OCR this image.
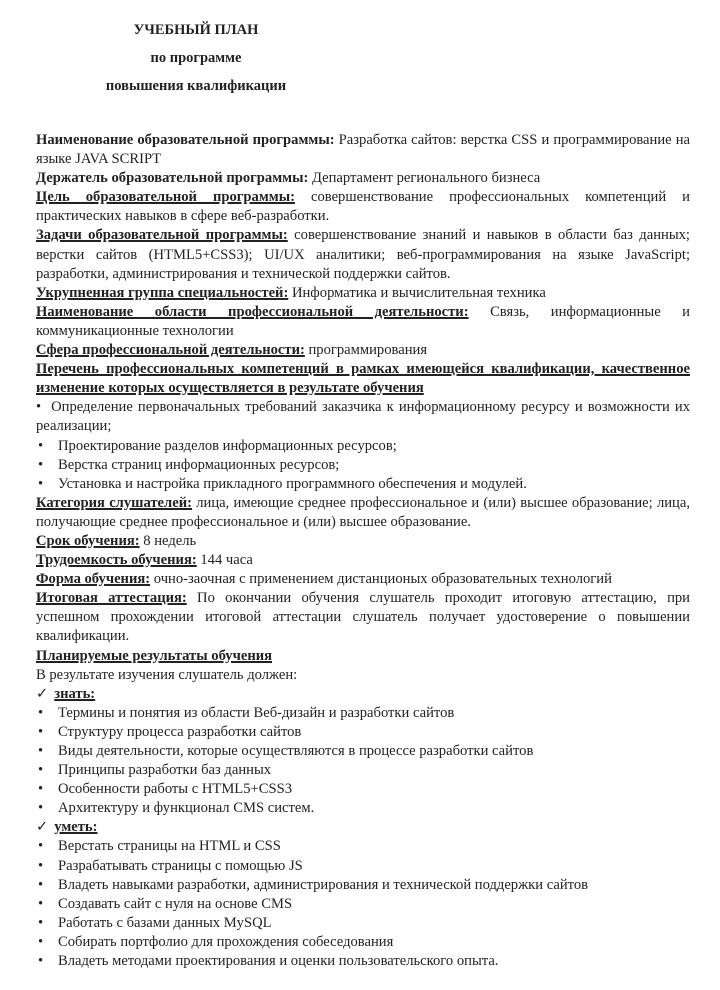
УЧЕБНЫЙ ПЛАН
по программе
повышения квалификации

Наименование образовательной программы: Разработка сайтов: верстка CSS и программирование на языке JAVA SCRIPT

Держатель образовательной программы: Департамент регионального бизнеса

Цель образовательной программы: совершенствование профессиональных компетенций и практических навыков в сфере веб-разработки.

Задачи образовательной программы: совершенствование знаний и навыков в области баз данных; верстки сайтов (HTML5+CSS3); UI/UX аналитики; веб-программирования на языке JavaScript; разработки, администрирования и технической поддержки сайтов.

Укрупненная группа специальностей: Информатика и вычислительная техника

Наименование области профессиональной деятельности: Связь, информационные и коммуникационные технологии

Сфера профессиональной деятельности: программирования

Перечень профессиональных компетенций в рамках имеющейся квалификации, качественное изменение которых осуществляется в результате обучения

• Определение первоначальных требований заказчика к информационному ресурсу и возможности их реализации;
• Проектирование разделов информационных ресурсов;
• Верстка страниц информационных ресурсов;
• Установка и настройка прикладного программного обеспечения и модулей.

Категория слушателей: лица, имеющие среднее профессиональное и (или) высшее образование; лица, получающие среднее профессиональное и (или) высшее образование.

Срок обучения: 8 недель

Трудоемкость обучения: 144 часа

Форма обучения: очно-заочная с применением дистанционых образовательных технологий

Итоговая аттестация: По окончании обучения слушатель проходит итоговую аттестацию, при успешном прохождении итоговой аттестации слушатель получает удостоверение о повышении квалификации.

Планируемые результаты обучения

В результате изучения слушатель должен:

✓ знать:

• Термины и понятия из области Веб-дизайн и разработки сайтов
• Структуру процесса разработки сайтов
• Виды деятельности, которые осуществляются в процессе разработки сайтов
• Принципы разработки баз данных
• Особенности работы с HTML5+CSS3
• Архитектуру и функционал CMS систем.

✓ уметь:

• Верстать страницы на HTML и CSS
• Разрабатывать страницы с помощью JS
• Владеть навыками разработки, администрирования и технической поддержки сайтов
• Создавать сайт с нуля на основе CMS
• Работать с базами данных MySQL
• Собирать портфолио для прохождения собеседования
• Владеть методами проектирования и оценки пользовательского опыта.
